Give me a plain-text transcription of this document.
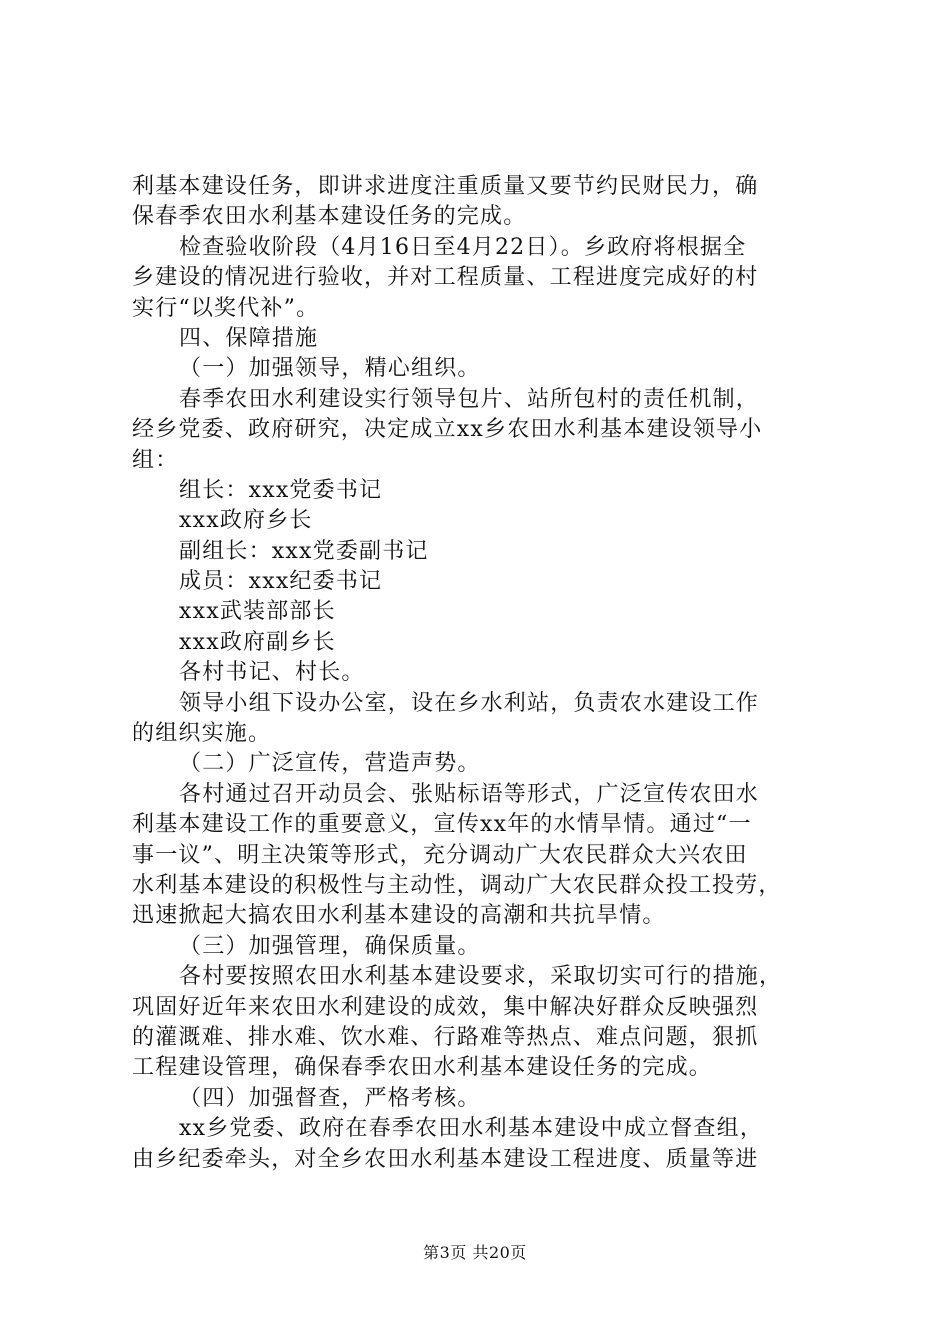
利基本建设任务，即讲求进度注重质量又要节约民财民力，确
保春季农田水利基本建设任务的完成。
检查验收阶段（4月16日至4月22日）。乡政府将根据全
乡建设的情况进行验收，并对工程质量、工程进度完成好的村
实行“以奖代补”。
四、保障措施
（一）加强领导，精心组织。
春季农田水利建设实行领导包片、站所包村的责任机制，
经乡党委、政府研究，决定成立xx乡农田水利基本建设领导小
组：
组长：xxx党委书记
xxx政府乡长
副组长：xxx党委副书记
成员：xxx纪委书记
xxx武装部部长
xxx政府副乡长
各村书记、村长。
领导小组下设办公室，设在乡水利站，负责农水建设工作
的组织实施。
（二）广泛宣传，营造声势。
各村通过召开动员会、张贴标语等形式，广泛宣传农田水
利基本建设工作的重要意义，宣传xx年的水情旱情。通过“一
事一议”、明主决策等形式，充分调动广大农民群众大兴农田
水利基本建设的积极性与主动性，调动广大农民群众投工投劳，
迅速掀起大搞农田水利基本建设的高潮和共抗旱情。
（三）加强管理，确保质量。
各村要按照农田水利基本建设要求，采取切实可行的措施，
巩固好近年来农田水利建设的成效，集中解决好群众反映强烈
的灌溉难、排水难、饮水难、行路难等热点、难点问题，狠抓
工程建设管理，确保春季农田水利基本建设任务的完成。
（四）加强督查，严格考核。
xx乡党委、政府在春季农田水利基本建设中成立督查组，
由乡纪委牵头，对全乡农田水利基本建设工程进度、质量等进
第3页 共20页
